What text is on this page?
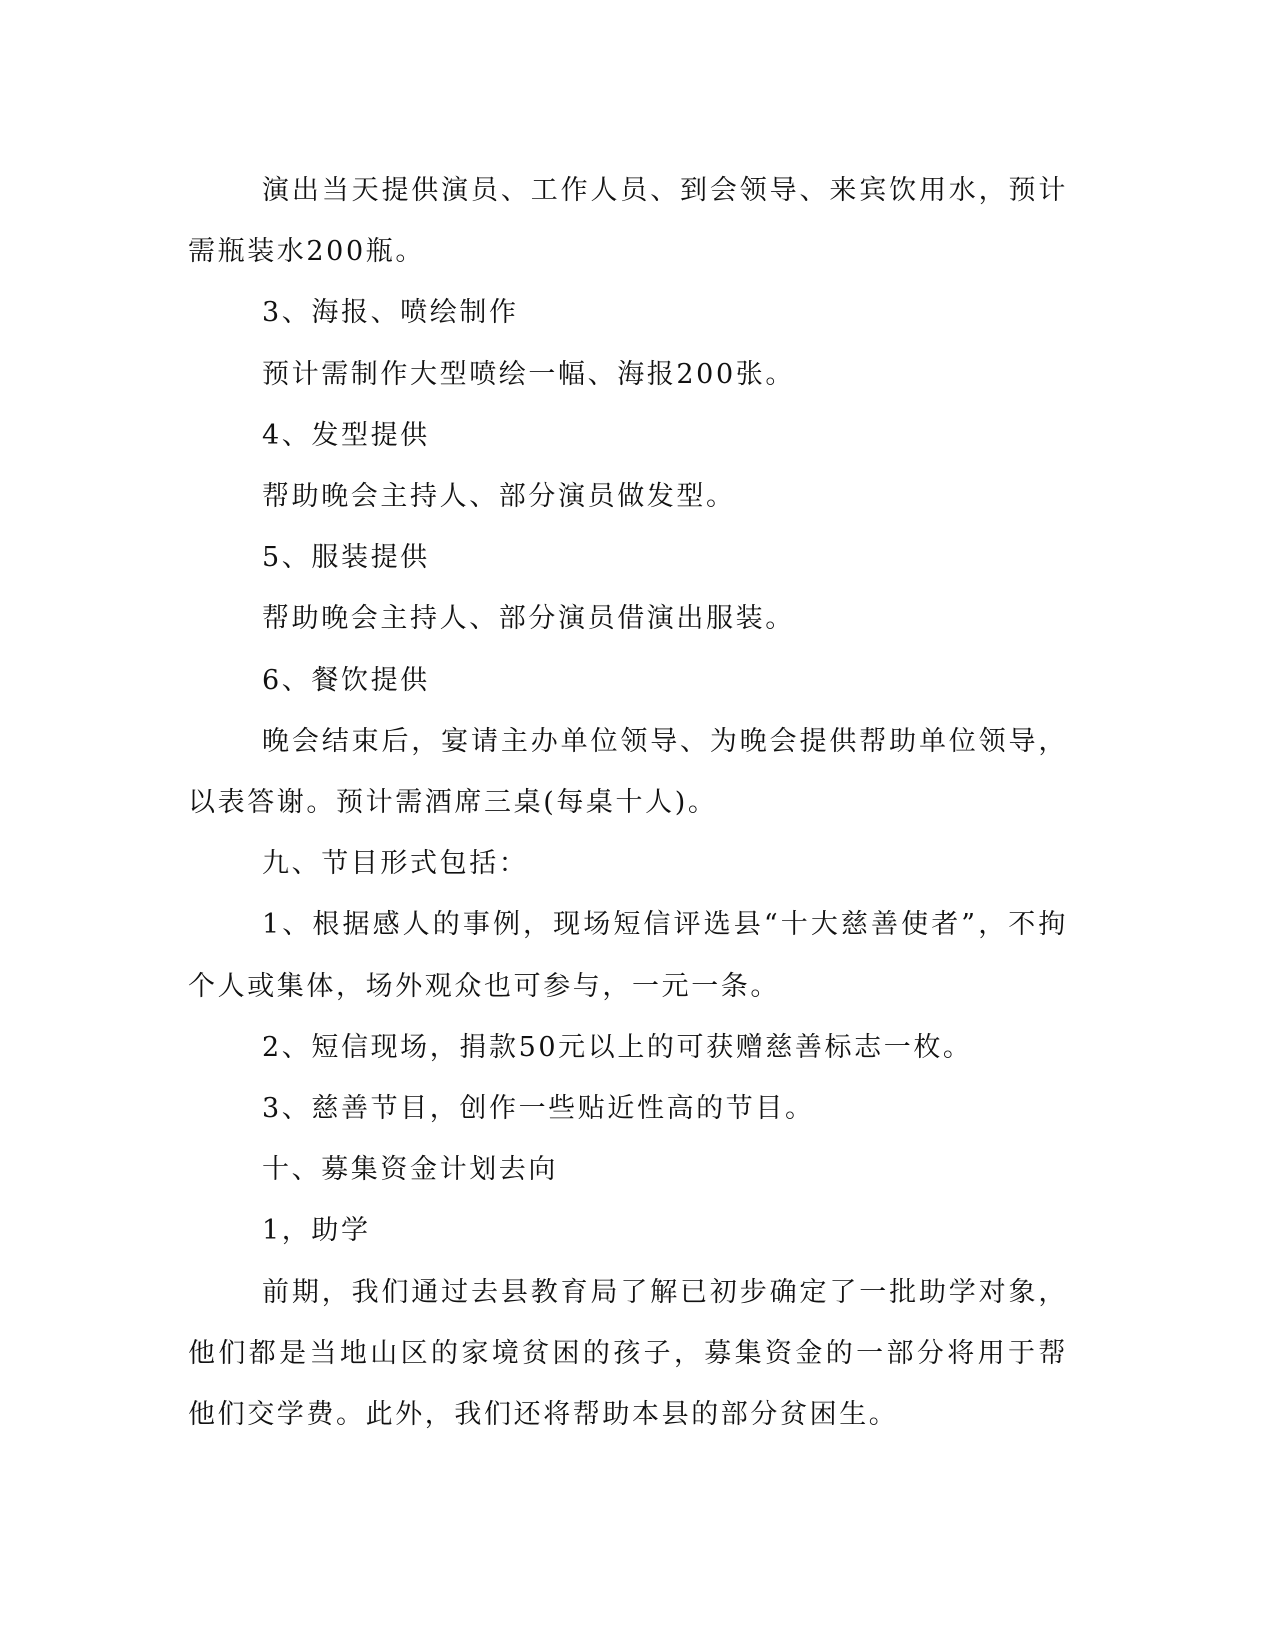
演出当天提供演员、工作人员、到会领导、来宾饮用水，预计需瓶装水200瓶。

3、海报、喷绘制作

预计需制作大型喷绘一幅、海报200张。

4、发型提供

帮助晚会主持人、部分演员做发型。

5、服装提供

帮助晚会主持人、部分演员借演出服装。

6、餐饮提供

晚会结束后，宴请主办单位领导、为晚会提供帮助单位领导，以表答谢。预计需酒席三桌(每桌十人)。

九、节目形式包括：

1、根据感人的事例，现场短信评选县“十大慈善使者”，不拘个人或集体，场外观众也可参与，一元一条。

2、短信现场，捐款50元以上的可获赠慈善标志一枚。

3、慈善节目，创作一些贴近性高的节目。

十、募集资金计划去向

1，助学

前期，我们通过去县教育局了解已初步确定了一批助学对象，他们都是当地山区的家境贫困的孩子，募集资金的一部分将用于帮他们交学费。此外，我们还将帮助本县的部分贫困生。
